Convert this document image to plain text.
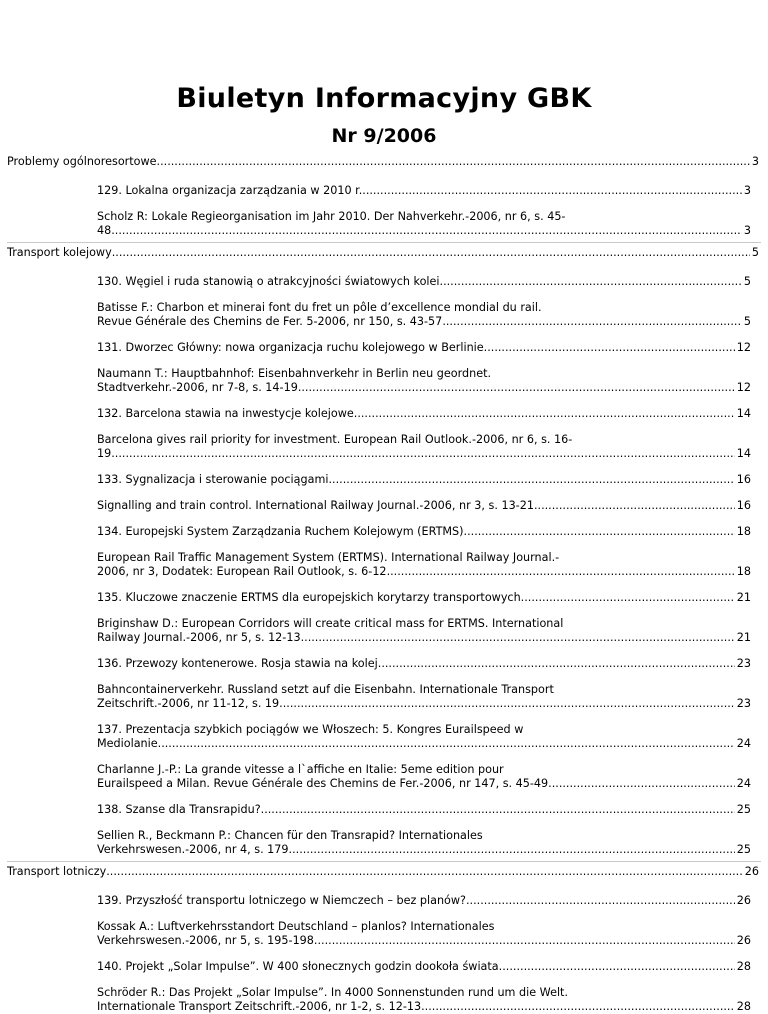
Biuletyn Informacyjny GBK
Nr 9/2006
Problemy ogólnoresortowe .....	3
129. Lokalna organizacja zarządzania w 2010 r. .....	3
Scholz R: Lokale Regieorganisation im Jahr 2010. Der Nahverkehr.-2006, nr 6, s. 45-
48 .....	3
Transport kolejowy .....	5
130. Węgiel i ruda stanowią o atrakcyjności światowych kolei .....	5
Batisse F.: Charbon et minerai font du fret un pôle d’excellence mondial du rail.
Revue Générale des Chemins de Fer. 5-2006, nr 150, s. 43-57 .....	5
131. Dworzec Główny: nowa organizacja ruchu kolejowego w Berlinie. .....	12
Naumann T.: Hauptbahnhof: Eisenbahnverkehr in Berlin neu geordnet.
Stadtverkehr.-2006, nr 7-8, s. 14-19. .....	12
132. Barcelona stawia na inwestycje kolejowe. .....	14
Barcelona gives rail priority for investment. European Rail Outlook.-2006, nr 6, s. 16-
19 .....	14
133. Sygnalizacja i sterowanie pociągami .....	16
Signalling and train control. International Railway Journal.-2006, nr 3, s. 13-21. .....	16
134. Europejski System Zarządzania Ruchem Kolejowym (ERTMS) .....	18
European Rail Traffic Management System (ERTMS). International Railway Journal.-
2006, nr 3, Dodatek: European Rail Outlook, s. 6-12 .....	18
135. Kluczowe znaczenie ERTMS dla europejskich korytarzy transportowych. .....	21
Briginshaw D.: European Corridors will create critical mass for ERTMS. International
Railway Journal.-2006, nr 5, s. 12-13 .....	21
136. Przewozy kontenerowe. Rosja stawia na kolej. .....	23
Bahncontainerverkehr. Russland setzt auf die Eisenbahn. Internationale Transport
Zeitschrift.-2006, nr 11-12, s. 19 .....	23
137. Prezentacja szybkich pociągów we Włoszech: 5. Kongres Eurailspeed w
Mediolanie .....	24
Charlanne J.-P.: La grande vitesse a l`affiche en Italie: 5eme edition pour
Eurailspeed a Milan. Revue Générale des Chemins de Fer.-2006, nr 147, s. 45-49. .....	24
138. Szanse dla Transrapidu? .....	25
Sellien R., Beckmann P.: Chancen für den Transrapid? Internationales
Verkehrswesen.-2006, nr 4, s. 179. .....	25
Transport lotniczy .....	26
139. Przyszłość transportu lotniczego w Niemczech – bez planów? .....	26
Kossak A.: Luftverkehrsstandort Deutschland – planlos? Internationales
Verkehrswesen.-2006, nr 5, s. 195-198 .....	26
140. Projekt „Solar Impulse”. W 400 słonecznych godzin dookoła świata .....	28
Schröder R.: Das Projekt „Solar Impulse”. In 4000 Sonnenstunden rund um die Welt.
Internationale Transport Zeitschrift.-2006, nr 1-2, s. 12-13. .....	28
